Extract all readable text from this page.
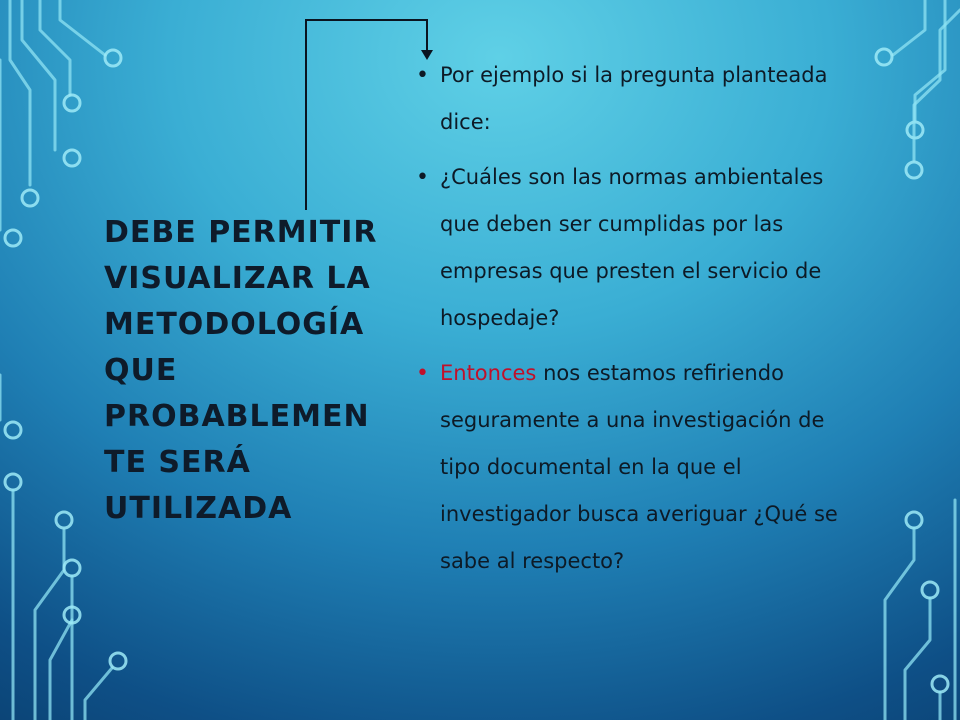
DEBE PERMITIR
VISUALIZAR LA
METODOLOGÍA
QUE
PROBABLEMEN
TE SERÁ
UTILIZADA
• Por ejemplo si la pregunta planteada dice:
• ¿Cuáles son las normas ambientales que deben ser cumplidas por las empresas que presten el servicio de hospedaje?
• Entonces nos estamos refiriendo seguramente a una investigación de tipo documental en la que el investigador busca averiguar ¿Qué se sabe al respecto?
